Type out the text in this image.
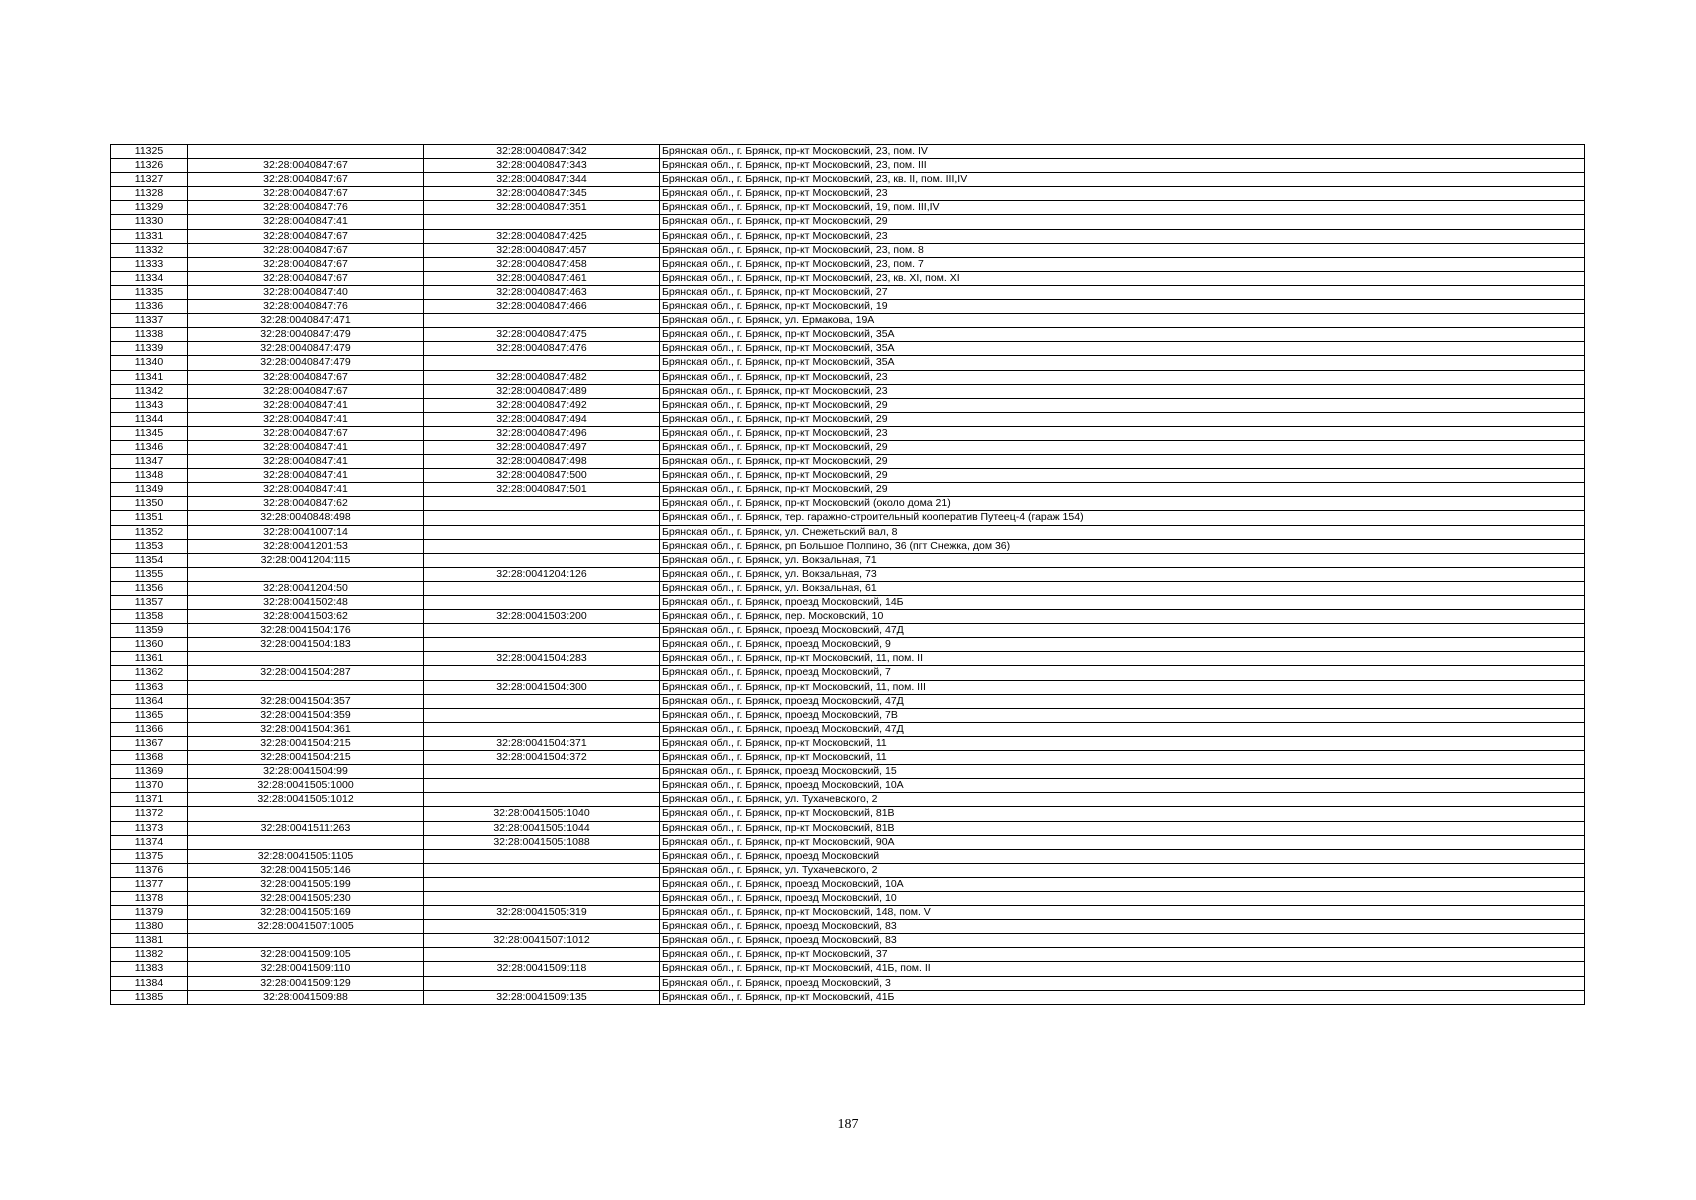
11325		32:28:0040847:342	Брянская обл., г. Брянск, пр-кт Московский, 23, пом. IV
11326	32:28:0040847:67	32:28:0040847:343	Брянская обл., г. Брянск, пр-кт Московский, 23, пом. III
11327	32:28:0040847:67	32:28:0040847:344	Брянская обл., г. Брянск, пр-кт Московский, 23, кв. II, пом. III,IV
11328	32:28:0040847:67	32:28:0040847:345	Брянская обл., г. Брянск, пр-кт Московский, 23
11329	32:28:0040847:76	32:28:0040847:351	Брянская обл., г. Брянск, пр-кт Московский, 19, пом. III,IV
11330	32:28:0040847:41		Брянская обл., г. Брянск, пр-кт Московский, 29
11331	32:28:0040847:67	32:28:0040847:425	Брянская обл., г. Брянск, пр-кт Московский, 23
11332	32:28:0040847:67	32:28:0040847:457	Брянская обл., г. Брянск, пр-кт Московский, 23, пом. 8
11333	32:28:0040847:67	32:28:0040847:458	Брянская обл., г. Брянск, пр-кт Московский, 23, пом. 7
11334	32:28:0040847:67	32:28:0040847:461	Брянская обл., г. Брянск, пр-кт Московский, 23, кв. XI, пом. XI
11335	32:28:0040847:40	32:28:0040847:463	Брянская обл., г. Брянск, пр-кт Московский, 27
11336	32:28:0040847:76	32:28:0040847:466	Брянская обл., г. Брянск, пр-кт Московский, 19
11337	32:28:0040847:471		Брянская обл., г. Брянск, ул. Ермакова, 19А
11338	32:28:0040847:479	32:28:0040847:475	Брянская обл., г. Брянск, пр-кт Московский, 35А
11339	32:28:0040847:479	32:28:0040847:476	Брянская обл., г. Брянск, пр-кт Московский, 35А
11340	32:28:0040847:479		Брянская обл., г. Брянск, пр-кт Московский, 35А
11341	32:28:0040847:67	32:28:0040847:482	Брянская обл., г. Брянск, пр-кт Московский, 23
11342	32:28:0040847:67	32:28:0040847:489	Брянская обл., г. Брянск, пр-кт Московский, 23
11343	32:28:0040847:41	32:28:0040847:492	Брянская обл., г. Брянск, пр-кт Московский, 29
11344	32:28:0040847:41	32:28:0040847:494	Брянская обл., г. Брянск, пр-кт Московский, 29
11345	32:28:0040847:67	32:28:0040847:496	Брянская обл., г. Брянск, пр-кт Московский, 23
11346	32:28:0040847:41	32:28:0040847:497	Брянская обл., г. Брянск, пр-кт Московский, 29
11347	32:28:0040847:41	32:28:0040847:498	Брянская обл., г. Брянск, пр-кт Московский, 29
11348	32:28:0040847:41	32:28:0040847:500	Брянская обл., г. Брянск, пр-кт Московский, 29
11349	32:28:0040847:41	32:28:0040847:501	Брянская обл., г. Брянск, пр-кт Московский, 29
11350	32:28:0040847:62		Брянская обл., г. Брянск, пр-кт Московский (около дома 21)
11351	32:28:0040848:498		Брянская обл., г. Брянск, тер. гаражно-строительный кооператив Путеец-4 (гараж 154)
11352	32:28:0041007:14		Брянская обл., г. Брянск, ул. Снежетьский вал, 8
11353	32:28:0041201:53		Брянская обл., г. Брянск, рп Большое Полпино, 36 (пгт Снежка, дом 36)
11354	32:28:0041204:115		Брянская обл., г. Брянск, ул. Вокзальная, 71
11355		32:28:0041204:126	Брянская обл., г. Брянск, ул. Вокзальная, 73
11356	32:28:0041204:50		Брянская обл., г. Брянск, ул. Вокзальная, 61
11357	32:28:0041502:48		Брянская обл., г. Брянск, проезд Московский, 14Б
11358	32:28:0041503:62	32:28:0041503:200	Брянская обл., г. Брянск, пер. Московский, 10
11359	32:28:0041504:176		Брянская обл., г. Брянск, проезд Московский, 47Д
11360	32:28:0041504:183		Брянская обл., г. Брянск, проезд Московский, 9
11361		32:28:0041504:283	Брянская обл., г. Брянск, пр-кт Московский, 11, пом. II
11362	32:28:0041504:287		Брянская обл., г. Брянск, проезд Московский, 7
11363		32:28:0041504:300	Брянская обл., г. Брянск, пр-кт Московский, 11, пом. III
11364	32:28:0041504:357		Брянская обл., г. Брянск, проезд Московский, 47Д
11365	32:28:0041504:359		Брянская обл., г. Брянск, проезд Московский, 7В
11366	32:28:0041504:361		Брянская обл., г. Брянск, проезд Московский, 47Д
11367	32:28:0041504:215	32:28:0041504:371	Брянская обл., г. Брянск, пр-кт Московский, 11
11368	32:28:0041504:215	32:28:0041504:372	Брянская обл., г. Брянск, пр-кт Московский, 11
11369	32:28:0041504:99		Брянская обл., г. Брянск, проезд Московский, 15
11370	32:28:0041505:1000		Брянская обл., г. Брянск, проезд Московский, 10А
11371	32:28:0041505:1012		Брянская обл., г. Брянск, ул. Тухачевского, 2
11372		32:28:0041505:1040	Брянская обл., г. Брянск, пр-кт Московский, 81В
11373	32:28:0041511:263	32:28:0041505:1044	Брянская обл., г. Брянск, пр-кт Московский, 81В
11374		32:28:0041505:1088	Брянская обл., г. Брянск, пр-кт Московский, 90А
11375	32:28:0041505:1105		Брянская обл., г. Брянск, проезд Московский
11376	32:28:0041505:146		Брянская обл., г. Брянск, ул. Тухачевского, 2
11377	32:28:0041505:199		Брянская обл., г. Брянск, проезд Московский, 10А
11378	32:28:0041505:230		Брянская обл., г. Брянск, проезд Московский, 10
11379	32:28:0041505:169	32:28:0041505:319	Брянская обл., г. Брянск, пр-кт Московский, 148, пом. V
11380	32:28:0041507:1005		Брянская обл., г. Брянск, проезд Московский, 83
11381		32:28:0041507:1012	Брянская обл., г. Брянск, проезд Московский, 83
11382	32:28:0041509:105		Брянская обл., г. Брянск, пр-кт Московский, 37
11383	32:28:0041509:110	32:28:0041509:118	Брянская обл., г. Брянск, пр-кт Московский, 41Б, пом. II
11384	32:28:0041509:129		Брянская обл., г. Брянск, проезд Московский, 3
11385	32:28:0041509:88	32:28:0041509:135	Брянская обл., г. Брянск, пр-кт Московский, 41Б
187
